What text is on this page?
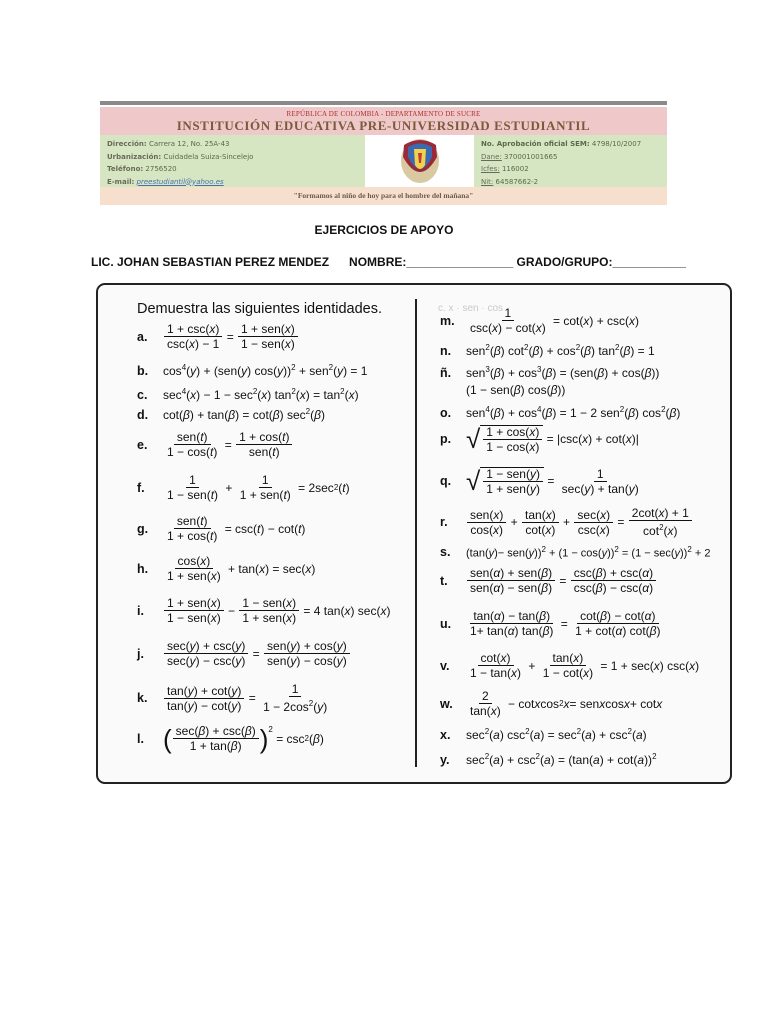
REPÚBLICA DE COLOMBIA - DEPARTAMENTO DE SUCRE
INSTITUCIÓN EDUCATIVA PRE-UNIVERSIDAD ESTUDIANTIL
Dirección: Carrera 12, No. 25A-43
Urbanización: Cuidadela Suiza-Sincelejo
Teléfono: 2756520
E-mail: preestudiantil@yahoo.es
No. Aprobación oficial SEM: 4798/10/2007
Dane: 370001001665
Icfes: 116002
Nit: 64587662-2
"Formamos al niño de hoy para el hombre del mañana"
EJERCICIOS DE APOYO
LIC. JOHAN SEBASTIAN PEREZ MENDEZ NOMBRE:________________ GRADO/GRUPO:___________
c. x · sen · cos
Demuestra las siguientes identidades.
a.
1 + csc(x)
csc(x) − 1
=
1 + sen(x)
1 − sen(x)
b.	$\cos^4(y) + (sen(y) \cos(y))^2 + sen^2(y) = 1$
c.	$\sec^4(x) - 1 - \sec^2(x) \tan^2(x) = \tan^2(x)$
d.	cot(β) + tan(β) = cot(β) $\sec^2(\beta)$
e.
sen(t)
1 − cos(t)
=
1 + cos(t)
sen(t)
f.
1
1 − sen(t)
+
1
1 + sen(t)
= 2sec 2 ( t )
g.
sen(t)
1 + cos(t)
= csc( t ) − cot( t )
h.
cos(x)
1 + sen(x)
+ tan( x ) = sec( x )
i.
1 + sen(x)
1 − sen(x)
−
1 − sen(x)
1 + sen(x)
= 4 tan( x ) sec( x )
j.
sec(y) + csc(y)
sec(y) − csc(y)
=
sen(y) + cos(y)
sen(y) − cos(y)
k.
tan(y) + cot(y)
tan(y) − cot(y)
=
1
$1 - 2\cos^2(y)$
l. ( sec(β) + csc(β)
1 + tan(β) )$^2$
= csc 2 ( β )
m.
1
csc(x) − cot(x)
= cot( x ) + csc( x )
n.	sen$^2$(β) $\cot^2(\beta) + \cos^2(\beta) \tan^2(\beta) = 1$
ñ.	$sen^3(\beta) + \cos^3(\beta) = (sen(\beta) + \cos(\beta))$
(1 − sen(β) cos(β))
o.	$sen^4(\beta) + \cos^4(\beta) = 1 - 2$ sen$^2$(β) $\cos^2(\beta)$
p. √ 1 + cos(x)
1 − cos(x)
= |csc( x ) + cot( x )|
q. √ 1 − sen(y)
1 + sen(y)
=
1
sec(y) + tan(y)
r.
sen(x)
cos(x)
+
tan(x)
cot(x)
+
sec(x)
csc(x)
=
2cot(x) + 1
$\cot^2(x)$
s.	$(\tan(y)- sen(y))^2 + (1 - \cos(y))^2 = (1 - \sec(y))^2 + 2$
t.
sen(α) + sen(β)
sen(α) − sen(β)
=
csc(β) + csc(α)
csc(β) − csc(α)
u.
tan(α) − tan(β)
1+ tan(α) tan(β)
=
cot(β) − cot(α)
1 + cot(α) cot(β)
v.
cot(x)
1 − tan(x)
+
tan(x)
1 − cot(x)
= 1 + sec( x ) csc( x )
w.
2
tan(x)
− cot x cos 2 x = sen x cos x + cot x
x.	$\sec^2(a) \csc^2(a) = \sec^2(a) + \csc^2(a)$
y.	$\sec^2(a) + \csc^2(a) = (\tan(a) + \cot(a))^2$
